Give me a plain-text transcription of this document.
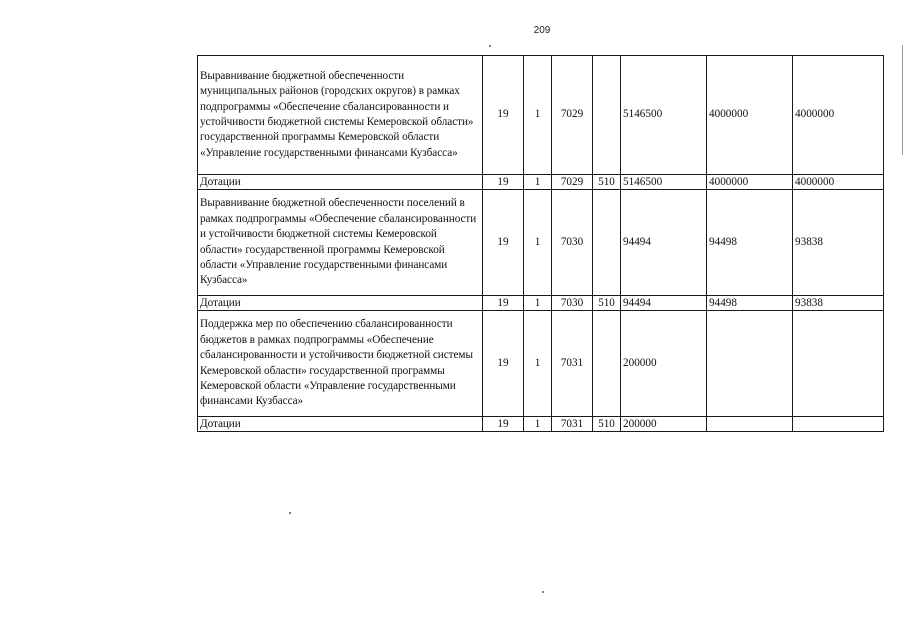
209
Выравнивание бюджетной обеспеченности муниципальных районов (городских округов) в рамках подпрограммы «Обеспечение сбалансированности и устойчивости бюджетной системы Кемеровской области» государственной программы Кемеровской области «Управление государственными финансами Кузбасса»	19	1	7029		5146500	4000000	4000000
Дотации	19	1	7029	510	5146500	4000000	4000000
Выравнивание бюджетной обеспеченности поселений в рамках подпрограммы «Обеспечение сбалансированности и устойчивости бюджетной системы Кемеровской области» государственной программы Кемеровской области «Управление государственными финансами Кузбасса»	19	1	7030		94494	94498	93838
Дотации	19	1	7030	510	94494	94498	93838
Поддержка мер по обеспечению сбалансированности бюджетов в рамках подпрограммы «Обеспечение сбалансированности и устойчивости бюджетной системы Кемеровской области» государственной программы Кемеровской области «Управление государственными финансами Кузбасса»	19	1	7031		200000		
Дотации	19	1	7031	510	200000		
